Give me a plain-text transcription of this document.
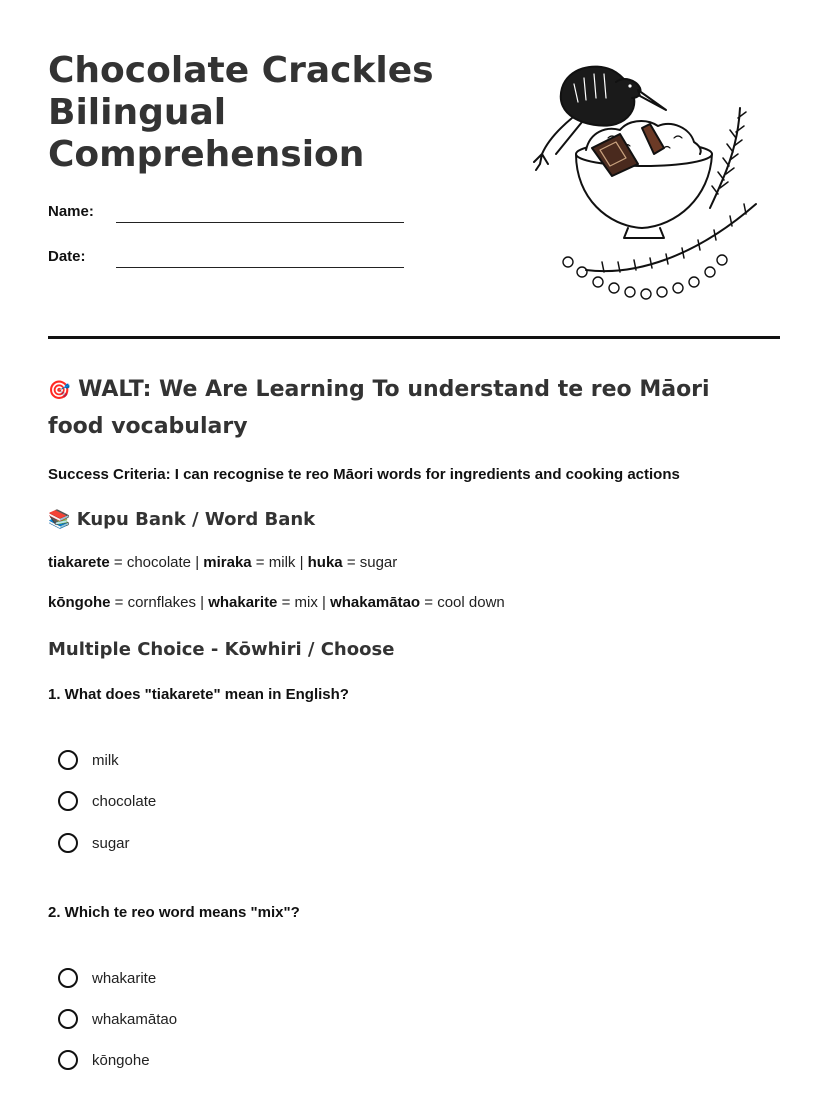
Chocolate Crackles
Bilingual
Comprehension
Name:
Date:
🎯 WALT: We Are Learning To understand te reo Māori food vocabulary
Success Criteria: I can recognise te reo Māori words for ingredients and cooking actions
📚 Kupu Bank / Word Bank
tiakarete = chocolate | miraka = milk | huka = sugar
kōngohe = cornflakes | whakarite = mix | whakamātao = cool down
Multiple Choice - Kōwhiri / Choose
1. What does "tiakarete" mean in English?
milk
chocolate
sugar
2. Which te reo word means "mix"?
whakarite
whakamātao
kōngohe
